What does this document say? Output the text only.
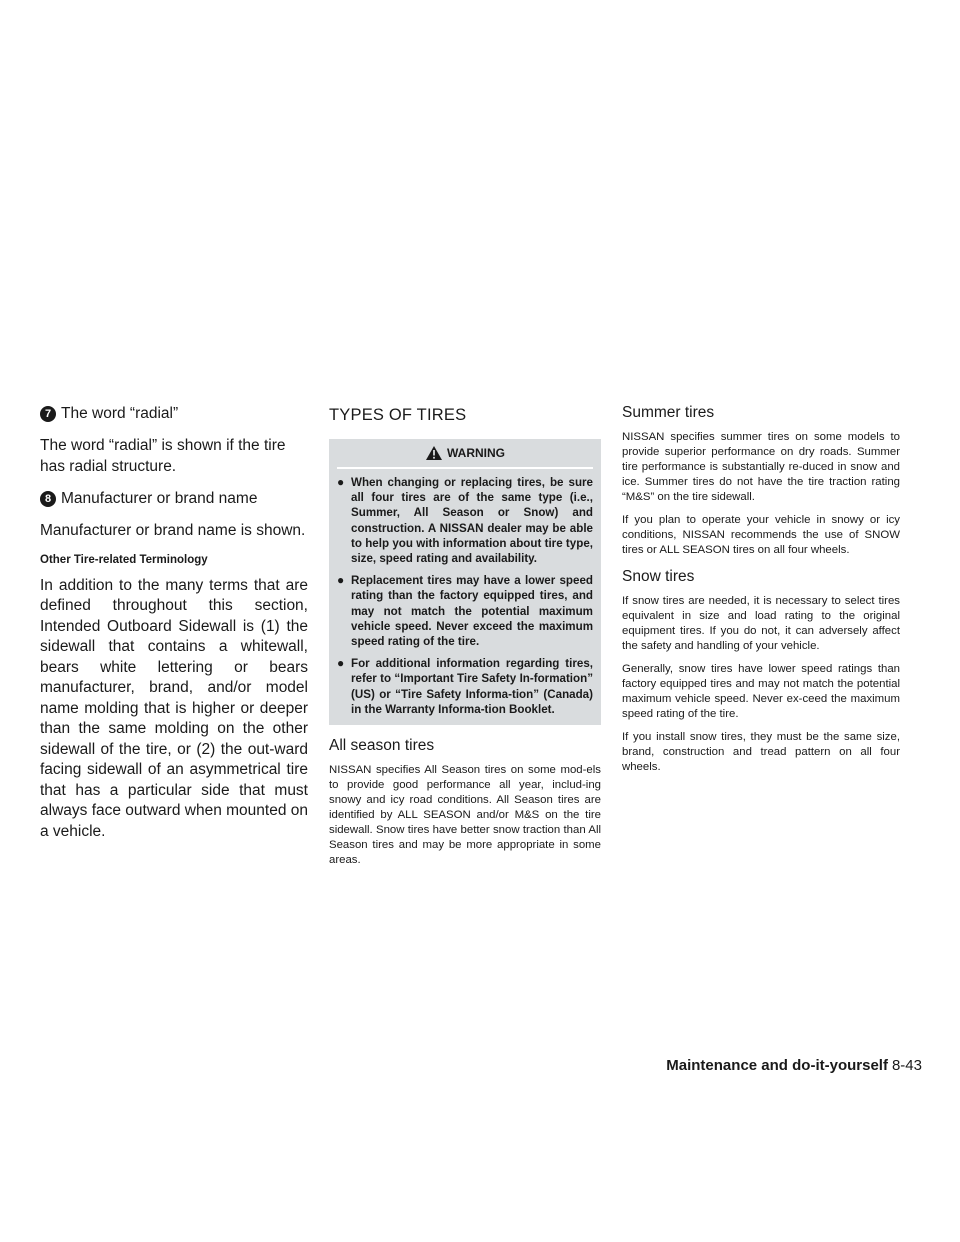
7 The word “radial”

The word “radial” is shown if the tire has radial structure.

8 Manufacturer or brand name

Manufacturer or brand name is shown.

Other Tire-related Terminology

In addition to the many terms that are defined throughout this section, Intended Outboard Sidewall is (1) the sidewall that contains a whitewall, bears white lettering or bears manufacturer, brand, and/or model name molding that is higher or deeper than the same molding on the other sidewall of the tire, or (2) the out-ward facing sidewall of an asymmetrical tire that has a particular side that must always face outward when mounted on a vehicle.

TYPES OF TIRES
WARNING
● When changing or replacing tires, be sure all four tires are of the same type (i.e., Summer, All Season or Snow) and construction. A NISSAN dealer may be able to help you with information about tire type, size, speed rating and availability.
● Replacement tires may have a lower speed rating than the factory equipped tires, and may not match the potential maximum vehicle speed. Never exceed the maximum speed rating of the tire.
● For additional information regarding tires, refer to “Important Tire Safety In-formation” (US) or “Tire Safety Informa-tion” (Canada) in the Warranty Informa-tion Booklet.
All season tires

NISSAN specifies All Season tires on some mod-els to provide good performance all year, includ-ing snowy and icy road conditions. All Season tires are identified by ALL SEASON and/or M&S on the tire sidewall. Snow tires have better snow traction than All Season tires and may be more appropriate in some areas.

Summer tires

NISSAN specifies summer tires on some models to provide superior performance on dry roads. Summer tire performance is substantially re-duced in snow and ice. Summer tires do not have the tire traction rating “M&S” on the tire sidewall.

If you plan to operate your vehicle in snowy or icy conditions, NISSAN recommends the use of SNOW tires or ALL SEASON tires on all four wheels.

Snow tires

If snow tires are needed, it is necessary to select tires equivalent in size and load rating to the original equipment tires. If you do not, it can adversely affect the safety and handling of your vehicle.

Generally, snow tires have lower speed ratings than factory equipped tires and may not match the potential maximum vehicle speed. Never ex-ceed the maximum speed rating of the tire.

If you install snow tires, they must be the same size, brand, construction and tread pattern on all four wheels.

Maintenance and do-it-yourself 8-43
